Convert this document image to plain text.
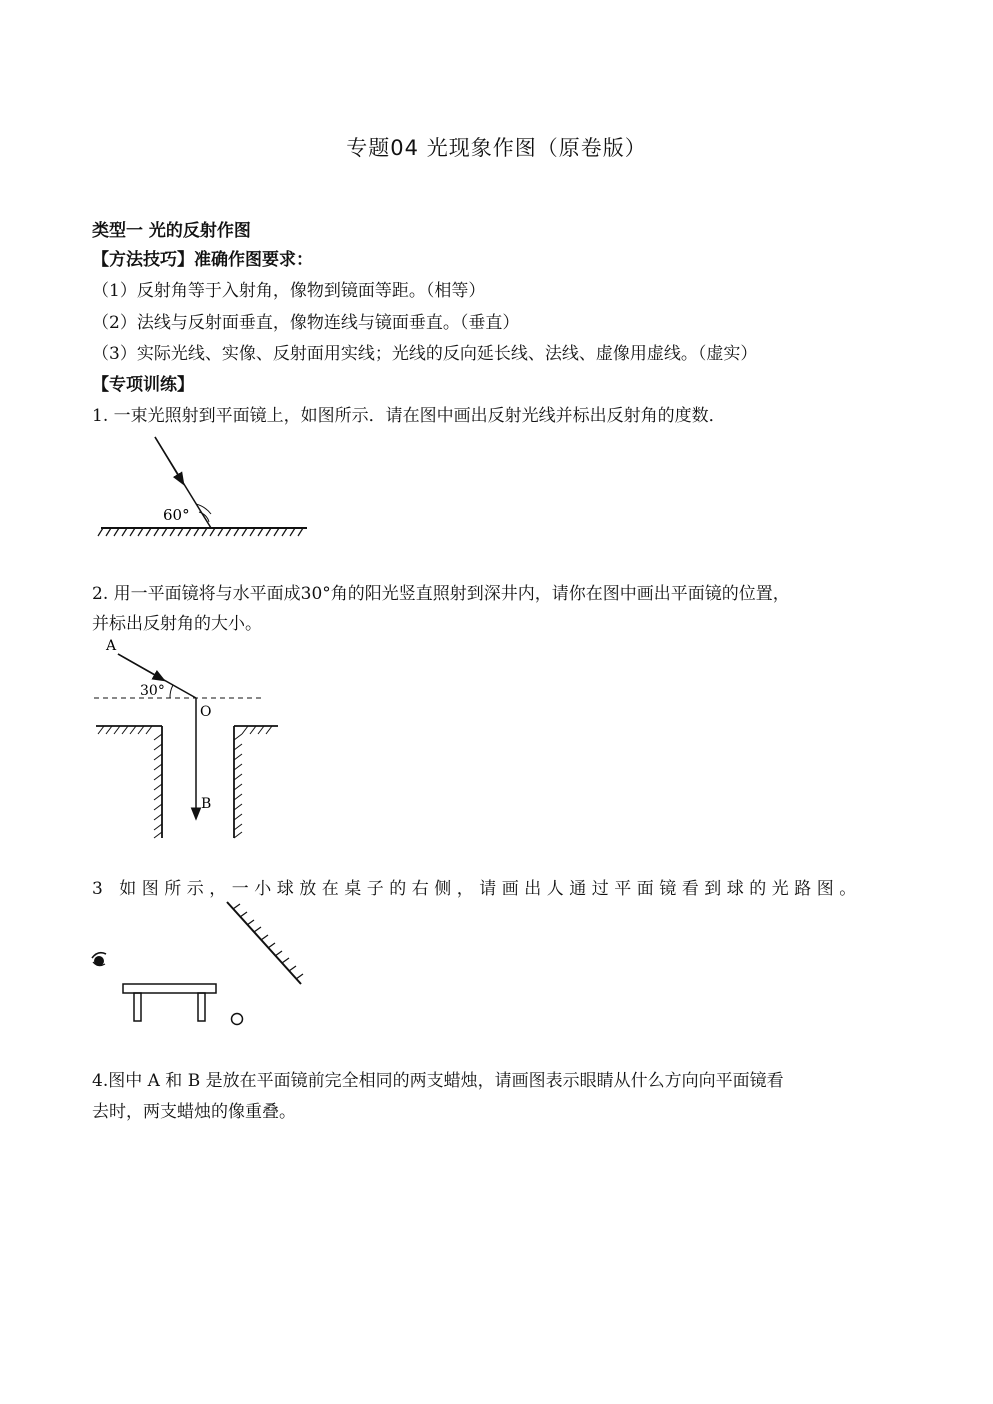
专题04 光现象作图（原卷版）
类型一 光的反射作图
【方法技巧】准确作图要求：
（1）反射角等于入射角，像物到镜面等距。（相等）
（2）法线与反射面垂直，像物连线与镜面垂直。（垂直）
（3）实际光线、实像、反射面用实线；光线的反向延长线、法线、虚像用虚线。（虚实）
【专项训练】
1. 一束光照射到平面镜上，如图所示．请在图中画出反射光线并标出反射角的度数．
60°
2. 用一平面镜将与水平面成30°角的阳光竖直照射到深井内，请你在图中画出平面镜的位置，
并标出反射角的大小。
A
30°
O
B
3 如图所示，一小球放在桌子的右侧，请画出人通过平面镜看到球的光路图。
4.图中 A 和 B 是放在平面镜前完全相同的两支蜡烛，请画图表示眼睛从什么方向向平面镜看
去时，两支蜡烛的像重叠。
